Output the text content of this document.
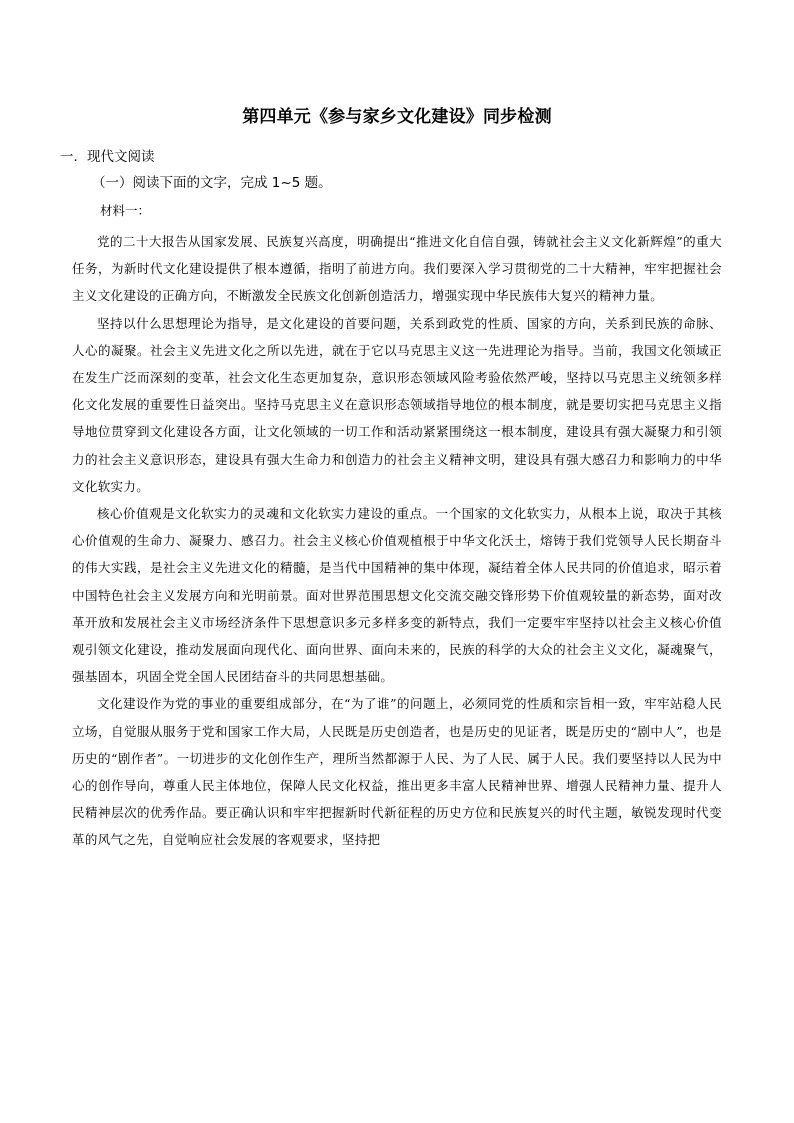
第四单元《参与家乡文化建设》同步检测
一．现代文阅读
（一）阅读下面的文字，完成 1~5 题。
材料一：

党的二十大报告从国家发展、民族复兴高度，明确提出“推进文化自信自强，铸就社会主义文化新辉煌”的重大任务，为新时代文化建设提供了根本遵循，指明了前进方向。我们要深入学习贯彻党的二十大精神，牢牢把握社会主义文化建设的正确方向，不断激发全民族文化创新创造活力，增强实现中华民族伟大复兴的精神力量。

坚持以什么思想理论为指导，是文化建设的首要问题，关系到政党的性质、国家的方向，关系到民族的命脉、人心的凝聚。社会主义先进文化之所以先进，就在于它以马克思主义这一先进理论为指导。当前，我国文化领域正在发生广泛而深刻的变革，社会文化生态更加复杂，意识形态领域风险考验依然严峻，坚持以马克思主义统领多样化文化发展的重要性日益突出。坚持马克思主义在意识形态领域指导地位的根本制度，就是要切实把马克思主义指导地位贯穿到文化建设各方面，让文化领域的一切工作和活动紧紧围绕这一根本制度，建设具有强大凝聚力和引领力的社会主义意识形态，建设具有强大生命力和创造力的社会主义精神文明，建设具有强大感召力和影响力的中华文化软实力。

核心价值观是文化软实力的灵魂和文化软实力建设的重点。一个国家的文化软实力，从根本上说，取决于其核心价值观的生命力、凝聚力、感召力。社会主义核心价值观植根于中华文化沃土，熔铸于我们党领导人民长期奋斗的伟大实践，是社会主义先进文化的精髓，是当代中国精神的集中体现，凝结着全体人民共同的价值追求，昭示着中国特色社会主义发展方向和光明前景。面对世界范围思想文化交流交融交锋形势下价值观较量的新态势，面对改革开放和发展社会主义市场经济条件下思想意识多元多样多变的新特点，我们一定要牢牢坚持以社会主义核心价值观引领文化建设，推动发展面向现代化、面向世界、面向未来的，民族的科学的大众的社会主义文化，凝魂聚气，强基固本，巩固全党全国人民团结奋斗的共同思想基础。

文化建设作为党的事业的重要组成部分，在“为了谁”的问题上，必须同党的性质和宗旨相一致，牢牢站稳人民立场，自觉服从服务于党和国家工作大局，人民既是历史创造者，也是历史的见证者，既是历史的“剧中人”，也是历史的“剧作者”。一切进步的文化创作生产，理所当然都源于人民、为了人民、属于人民。我们要坚持以人民为中心的创作导向，尊重人民主体地位，保障人民文化权益，推出更多丰富人民精神世界、增强人民精神力量、提升人民精神层次的优秀作品。要正确认识和牢牢把握新时代新征程的历史方位和民族复兴的时代主题，敏锐发现时代变革的风气之先，自觉响应社会发展的客观要求，坚持把
